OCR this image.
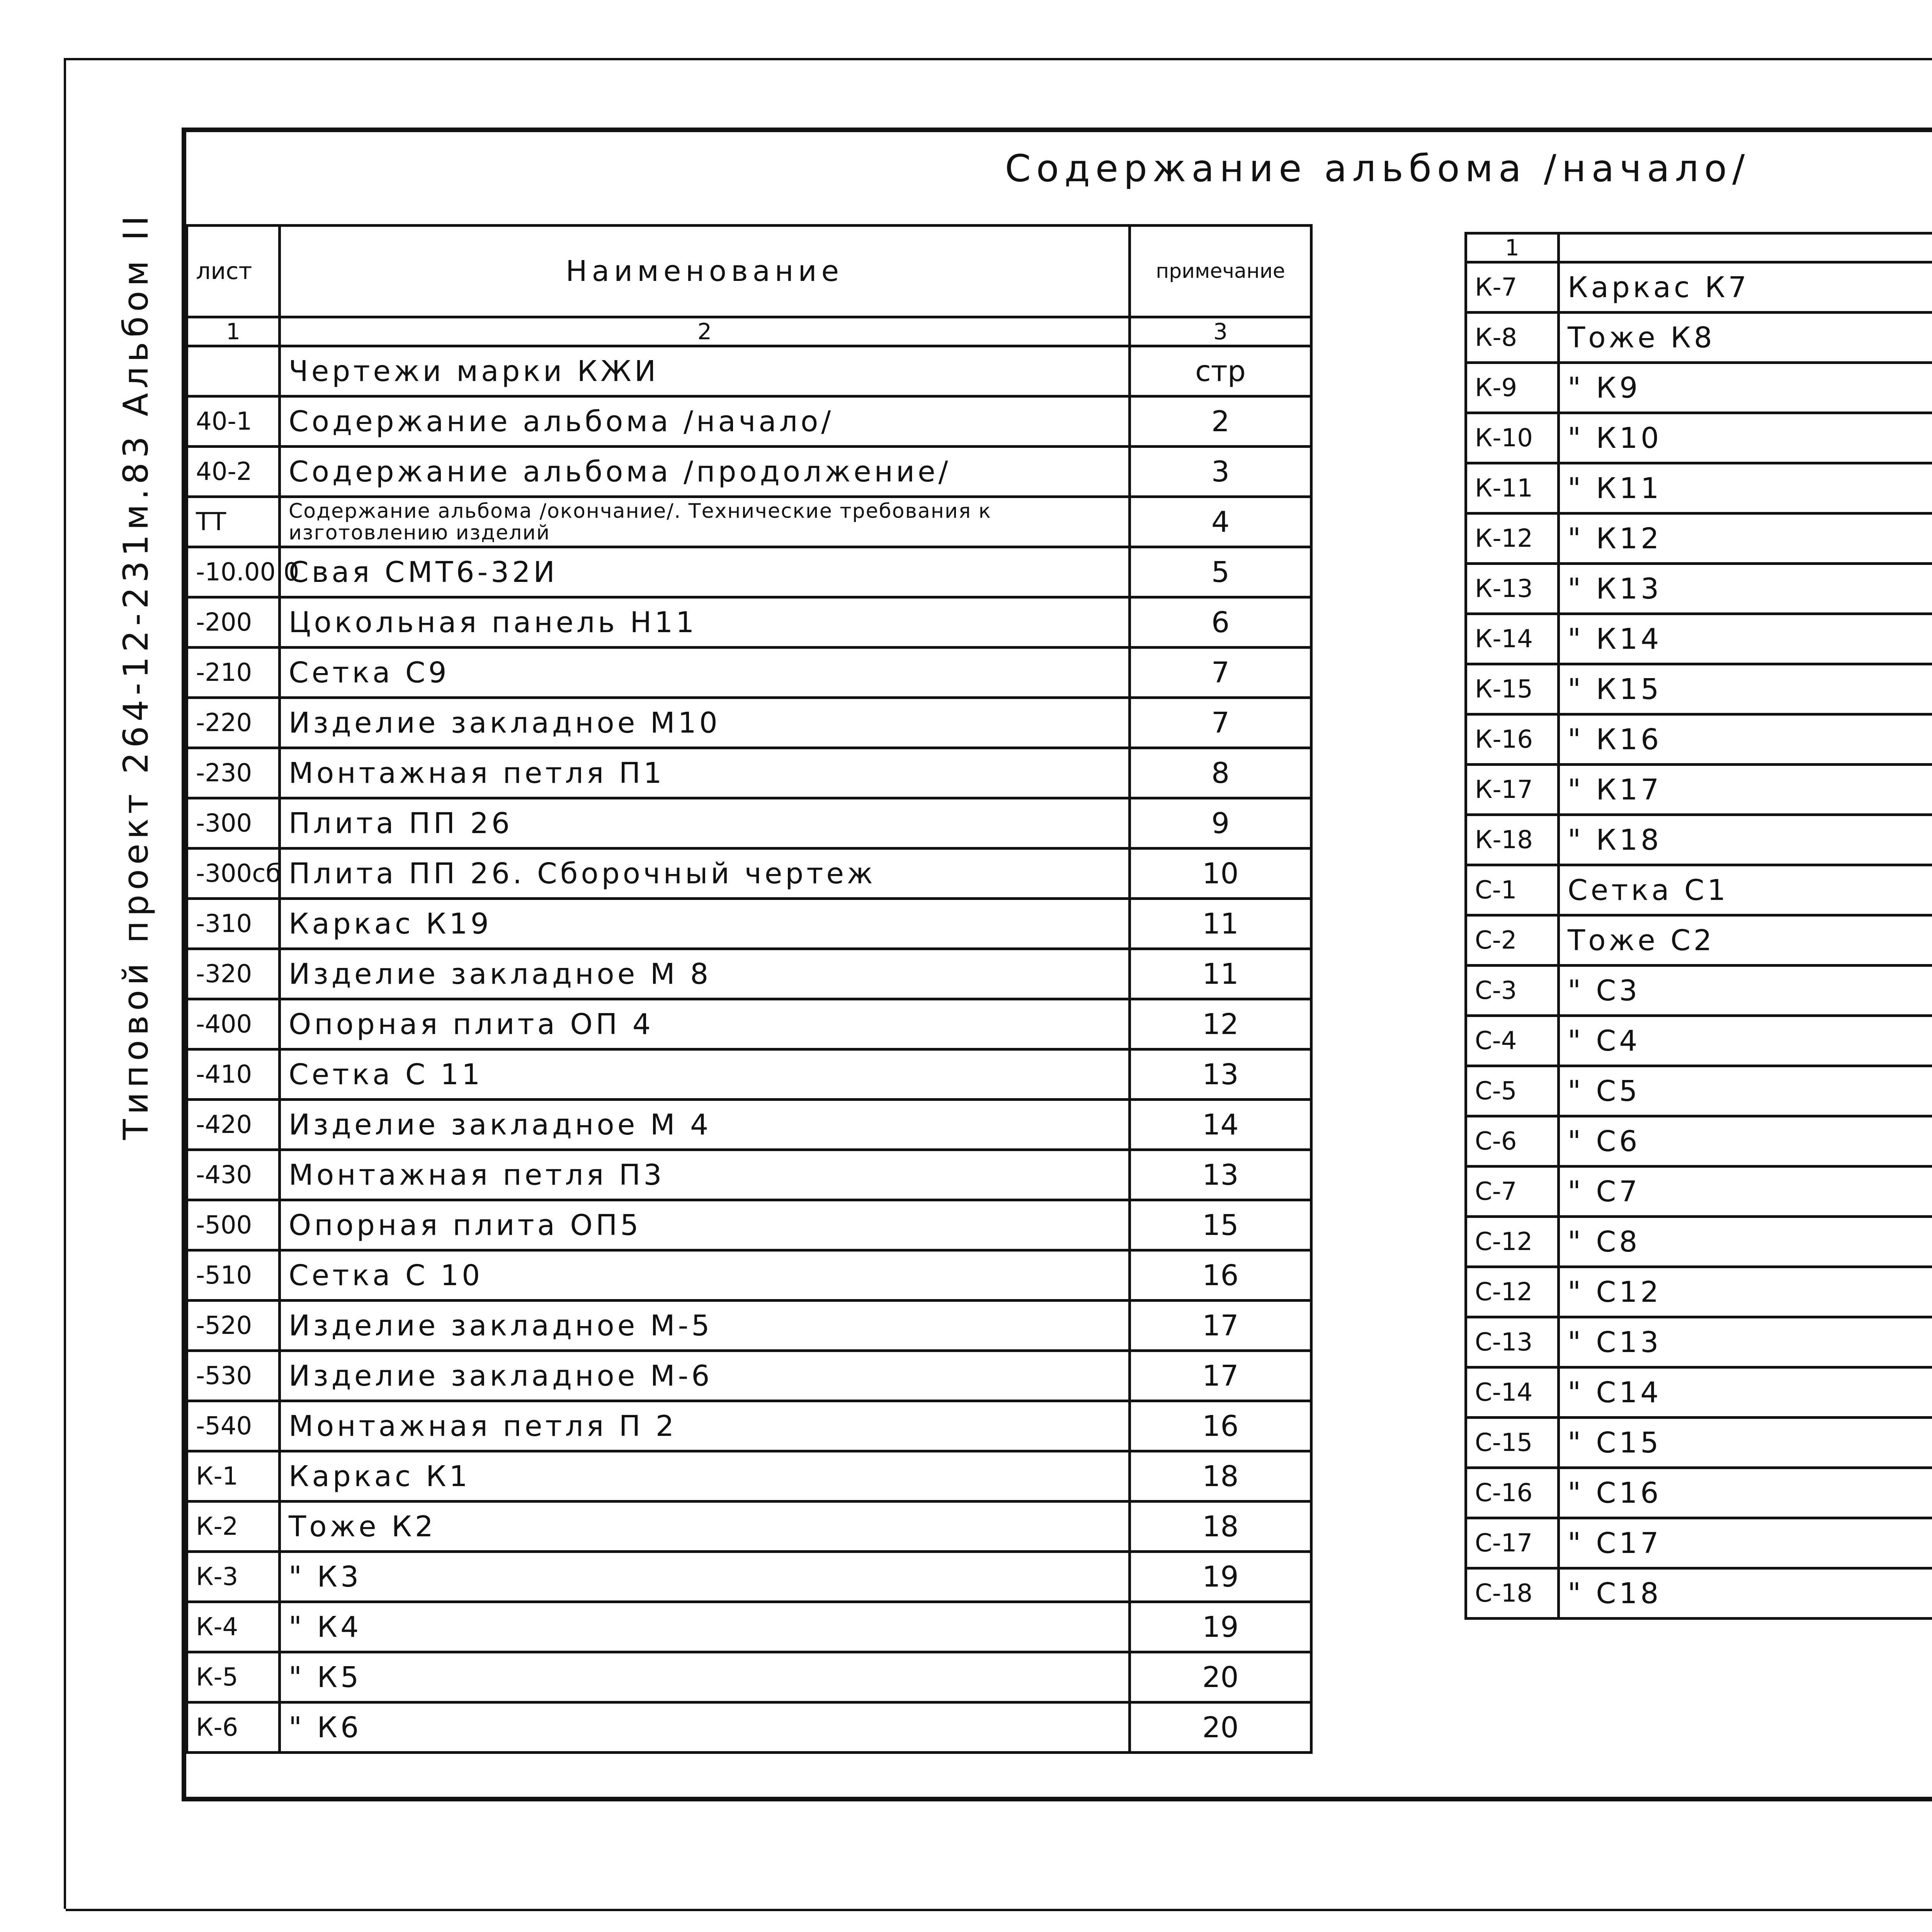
Содержание альбома /начало/
Типовой проект 264-12-231м.83 Альбом II лист	Наименование	примечание
1	2	3
	Чертежи марки КЖИ	стр
40-1	Содержание альбома /начало/	2
40-2	Содержание альбома /продолжение/	3
ТТ	Содержание альбома /окончание/. Технические требования к изготовлению изделий	4
-10.00.0	Свая СМТ6-32И	5
-200	Цокольная панель Н11	6
-210	Сетка С9	7
-220	Изделие закладное М10	7
-230	Монтажная петля П1	8
-300	Плита ПП 26	9
-300сб	Плита ПП 26. Сборочный чертеж	10
-310	Каркас К19	11
-320	Изделие закладное М 8	11
-400	Опорная плита ОП 4	12
-410	Сетка С 11	13
-420	Изделие закладное М 4	14
-430	Монтажная петля П3	13
-500	Опорная плита ОП5	15
-510	Сетка С 10	16
-520	Изделие закладное М-5	17
-530	Изделие закладное М-6	17
-540	Монтажная петля П 2	16
К-1	Каркас К1	18
К-2	Тоже К2	18
К-3	" К3	19
К-4	" К4	19
К-5	" К5	20
К-6	" К6	20
1		
К-7	Каркас К7	
К-8	Тоже К8	
К-9	" К9	
К-10	" К10	
К-11	" К11	
К-12	" К12	
К-13	" К13	
К-14	" К14	
К-15	" К15	
К-16	" К16	
К-17	" К17	
К-18	" К18	
С-1	Сетка С1	
С-2	Тоже С2	
С-3	" С3	
С-4	" С4	
С-5	" С5	
С-6	" С6	
С-7	" С7	
С-12	" С8	
С-12	" С12	
С-13	" С13	
С-14	" С14	
С-15	" С15	
С-16	" С16	
С-17	" С17	
С-18	" С18	
